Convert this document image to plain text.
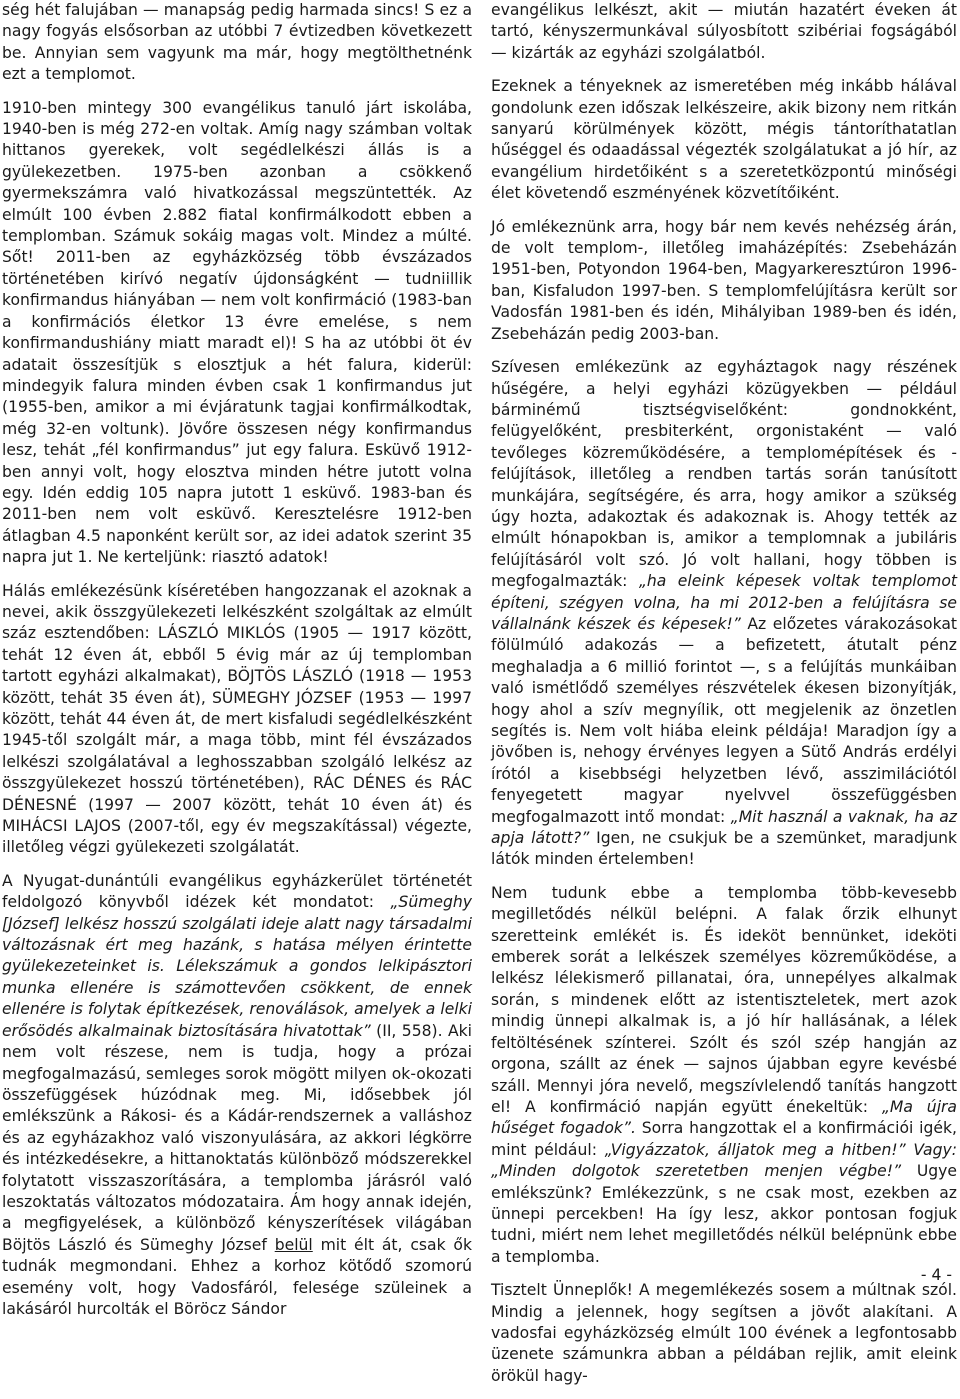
ség hét falujában — manapság pedig harmada sincs! S ez a nagy fogyás elsősorban az utóbbi 7 évtizedben következett be. Annyian sem vagyunk ma már, hogy megtölthetnénk ezt a templomot.

1910-ben mintegy 300 evangélikus tanuló járt iskolába, 1940-ben is még 272-en voltak. Amíg nagy számban voltak hittanos gyerekek, volt segédlelkészi állás is a gyülekezetben. 1975-ben azonban a csökkenő gyermekszámra való hivatkozással megszüntették. Az elmúlt 100 évben 2.882 fiatal konfirmálkodott ebben a templomban. Számuk sokáig magas volt. Mindez a múlté. Sőt! 2011-ben az egyházközség több évszázados történetében kirívó negatív újdonságként — tudniillik konfirmandus hiányában — nem volt konfirmáció (1983-ban a konfirmációs életkor 13 évre emelése, s nem konfirmandushiány miatt maradt el)! S ha az utóbbi öt év adatait összesítjük s elosztjuk a hét falura, kiderül: mindegyik falura minden évben csak 1 konfirmandus jut (1955-ben, amikor a mi évjáratunk tagjai konfirmálkodtak, még 32-en voltunk). Jövőre összesen négy konfirmandus lesz, tehát „fél konfirmandus” jut egy falura. Esküvő 1912-ben annyi volt, hogy elosztva minden hétre jutott volna egy. Idén eddig 105 napra jutott 1 esküvő. 1983-ban és 2011-ben nem volt esküvő. Keresztelésre 1912-ben átlagban 4.5 naponként került sor, az idei adatok szerint 35 napra jut 1. Ne kerteljünk: riasztó adatok!

Hálás emlékezésünk kíséretében hangozzanak el azoknak a nevei, akik összgyülekezeti lelkészként szolgáltak az elmúlt száz esztendőben: LÁSZLÓ MIKLÓS (1905 — 1917 között, tehát 12 éven át, ebből 5 évig már az új templomban tartott egyházi alkalmakat), BÖJTÖS LÁSZLÓ (1918 — 1953 között, tehát 35 éven át), SÜMEGHY JÓZSEF (1953 — 1997 között, tehát 44 éven át, de mert kisfaludi segédlelkészként 1945-től szolgált már, a maga több, mint fél évszázados lelkészi szolgálatával a leghosszabban szolgáló lelkész az összgyülekezet hosszú történetében), RÁC DÉNES és RÁC DÉNESNÉ (1997 — 2007 között, tehát 10 éven át) és MIHÁCSI LAJOS (2007-től, egy év megszakítással) végezte, illetőleg végzi gyülekezeti szolgálatát.

A Nyugat-dunántúli evangélikus egyházkerület történetét feldolgozó könyvből idézek két mondatot: „Sümeghy [József] lelkész hosszú szolgálati ideje alatt nagy társadalmi változásnak ért meg hazánk, s hatása mélyen érintette gyülekezeteinket is. Lélekszámuk a gondos lelkipásztori munka ellenére is számottevően csökkent, de ennek ellenére is folytak építkezések, renoválások, amelyek a lelki erősödés alkalmainak biztosítására hivatottak” (II, 558). Aki nem volt részese, nem is tudja, hogy a prózai megfogalmazású, semleges sorok mögött milyen ok-okozati összefüggések húzódnak meg. Mi, idősebbek jól emlékszünk a Rákosi- és a Kádár-rendszernek a valláshoz és az egyházakhoz való viszonyulására, az akkori légkörre és intézkedésekre, a hittanoktatás különböző módszerekkel folytatott visszaszorítására, a templomba járásról való leszoktatás változatos módozataira. Ám hogy annak idején, a megfigyelések, a különböző kényszerítések világában Böjtös László és Sümeghy József belül mit élt át, csak ők tudnák megmondani. Ehhez a korhoz kötődő szomorú esemény volt, hogy Vadosfáról, felesége szüleinek a lakásáról hurcolták el Böröcz Sándor

evangélikus lelkészt, akit — miután hazatért éveken át tartó, kényszermunkával súlyosbított szibériai fogságából — kizárták az egyházi szolgálatból.

Ezeknek a tényeknek az ismeretében még inkább hálával gondolunk ezen időszak lelkészeire, akik bizony nem ritkán sanyarú körülmények között, mégis tántoríthatatlan hűséggel és odaadással végezték szolgálatukat a jó hír, az evangélium hirdetőiként s a szeretetközpontú minőségi élet követendő eszményének közvetítőiként.

Jó emlékeznünk arra, hogy bár nem kevés nehézség árán, de volt templom-, illetőleg imaházépítés: Zsebeházán 1951-ben, Potyondon 1964-ben, Magyarkeresztúron 1996-ban, Kisfaludon 1997-ben. S templomfelújításra került sor Vadosfán 1981-ben és idén, Mihályiban 1989-ben és idén, Zsebeházán pedig 2003-ban.

Szívesen emlékezünk az egyháztagok nagy részének hűségére, a helyi egyházi közügyekben — például bárminémű tisztségviselőként: gondnokként, felügyelőként, presbiterként, orgonistaként — való tevőleges közreműködésére, a templomépítések és -felújítások, illetőleg a rendben tartás során tanúsított munkájára, segítségére, és arra, hogy amikor a szükség úgy hozta, adakoztak és adakoznak is. Ahogy tették az elmúlt hónapokban is, amikor a templomnak a jubiláris felújításáról volt szó. Jó volt hallani, hogy többen is megfogalmazták: „ha eleink képesek voltak templomot építeni, szégyen volna, ha mi 2012-ben a felújításra se vállalnánk készek és képesek!” Az előzetes várakozásokat fölülmúló adakozás — a befizetett, átutalt pénz meghaladja a 6 millió forintot —, s a felújítás munkáiban való ismétlődő személyes részvételek ékesen bizonyítják, hogy ahol a szív megnyílik, ott megjelenik az önzetlen segítés is. Nem volt hiába eleink példája! Maradjon így a jövőben is, nehogy érvényes legyen a Sütő András erdélyi írótól a kisebbségi helyzetben lévő, asszimilációtól fenyegetett magyar nyelvvel összefüggésben megfogalmazott intő mondat: „Mit használ a vaknak, ha az apja látott?” Igen, ne csukjuk be a szemünket, maradjunk látók minden értelemben!

Nem tudunk ebbe a templomba több-kevesebb megilletődés nélkül belépni. A falak őrzik elhunyt szeretteink emlékét is. És ideköt bennünket, ideköti emberek sorát a lelkészek személyes közreműködése, a lelkész lélekismerő pillanatai, óra, unnepélyes alkalmak során, s mindenek előtt az istentiszteletek, mert azok mindig ünnepi alkalmak is, a jó hír hallásának, a lélek feltöltésének színterei. Szólt és szól szép hangján az orgona, szállt az ének — sajnos újabban egyre kevésbé száll. Mennyi jóra nevelő, megszívlelendő tanítás hangzott el! A konfirmáció napján együtt énekeltük: „Ma újra hűséget fogadok”. Sorra hangzottak el a konfirmációi igék, mint például: „Vigyázzatok, álljatok meg a hitben!” Vagy: „Minden dolgotok szeretetben menjen végbe!” Ugye emlékszünk? Emlékezzünk, s ne csak most, ezekben az ünnepi percekben! Ha így lesz, akkor pontosan fogjuk tudni, miért nem lehet megilletődés nélkül belépnünk ebbe a templomba.

Tisztelt Ünneplők! A megemlékezés sosem a múltnak szól. Mindig a jelennek, hogy segítsen a jövőt alakítani. A vadosfai egyházközség elmúlt 100 évének a legfontosabb üzenete számunkra abban a példában rejlik, amit eleink örökül hagy-

- 4 -
